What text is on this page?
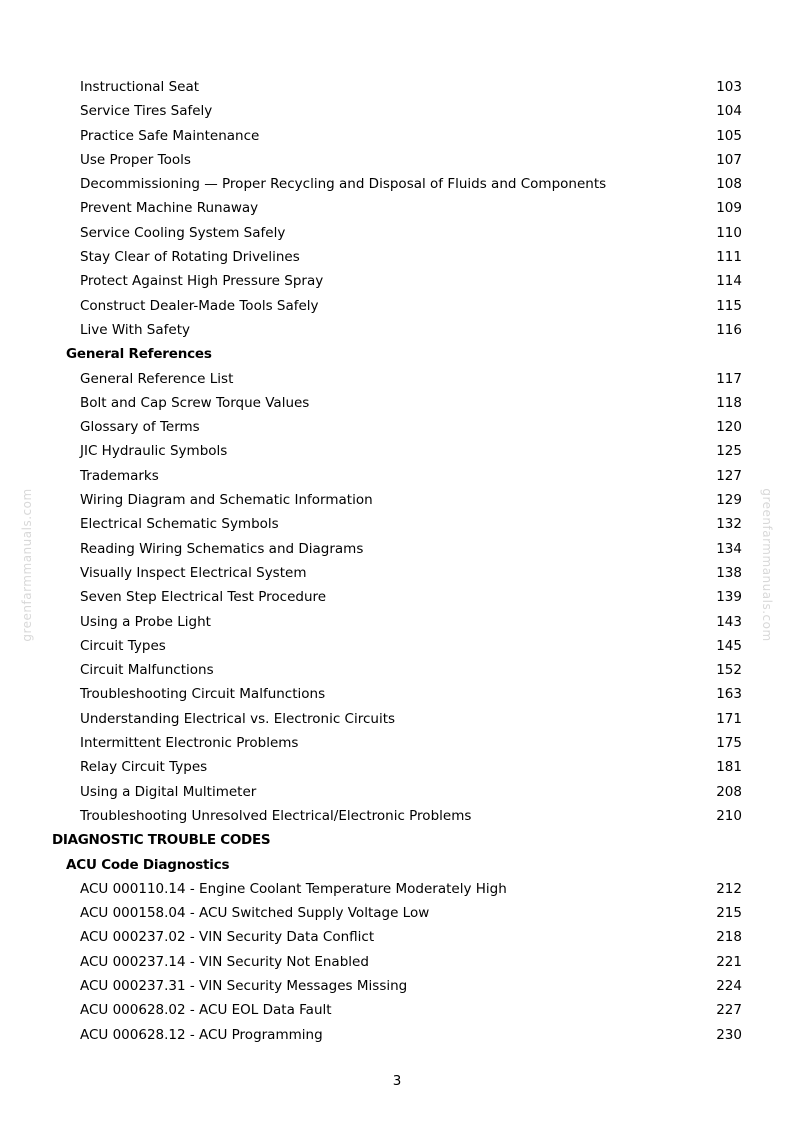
greenfarmmanuals.com	greenfarmmanuals.com
Instructional Seat	103
Service Tires Safely	104
Practice Safe Maintenance	105
Use Proper Tools	107
Decommissioning — Proper Recycling and Disposal of Fluids and Components	108
Prevent Machine Runaway	109
Service Cooling System Safely	110
Stay Clear of Rotating Drivelines	111
Protect Against High Pressure Spray	114
Construct Dealer-Made Tools Safely	115
Live With Safety	116
General References
General Reference List	117
Bolt and Cap Screw Torque Values	118
Glossary of Terms	120
JIC Hydraulic Symbols	125
Trademarks	127
Wiring Diagram and Schematic Information	129
Electrical Schematic Symbols	132
Reading Wiring Schematics and Diagrams	134
Visually Inspect Electrical System	138
Seven Step Electrical Test Procedure	139
Using a Probe Light	143
Circuit Types	145
Circuit Malfunctions	152
Troubleshooting Circuit Malfunctions	163
Understanding Electrical vs. Electronic Circuits	171
Intermittent Electronic Problems	175
Relay Circuit Types	181
Using a Digital Multimeter	208
Troubleshooting Unresolved Electrical/Electronic Problems	210
DIAGNOSTIC TROUBLE CODES
ACU Code Diagnostics
ACU 000110.14 - Engine Coolant Temperature Moderately High	212
ACU 000158.04 - ACU Switched Supply Voltage Low	215
ACU 000237.02 - VIN Security Data Conflict	218
ACU 000237.14 - VIN Security Not Enabled	221
ACU 000237.31 - VIN Security Messages Missing	224
ACU 000628.02 - ACU EOL Data Fault	227
ACU 000628.12 - ACU Programming	230
3
